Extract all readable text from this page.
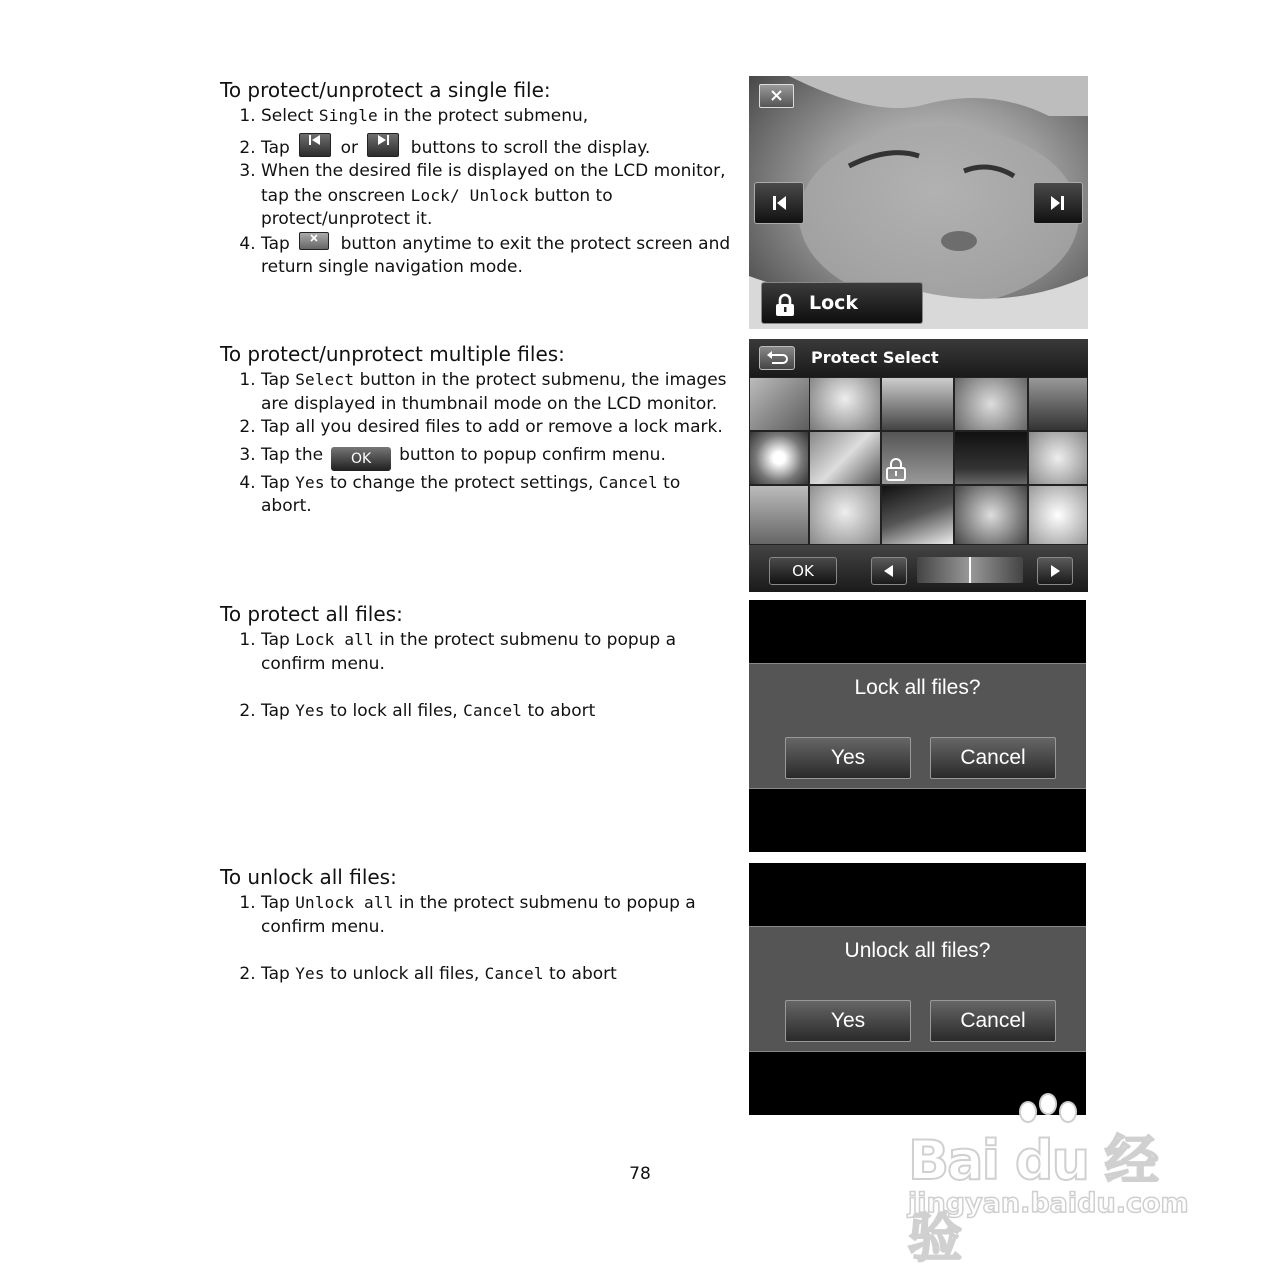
To protect/unprotect a single file:
1. Select Single in the protect submenu,
2. Tap	or	buttons to scroll the display.
3. When the desired file is displayed on the LCD monitor, tap the onscreen Lock/ Unlock button to protect/unprotect it.
4. Tap	button anytime to exit the protect screen and return single navigation mode.
To protect/unprotect multiple files:
1. Tap Select button in the protect submenu, the images are displayed in thumbnail mode on the LCD monitor.
2. Tap all you desired files to add or remove a lock mark.
3. Tap the OK button to popup confirm menu.
4. Tap Yes to change the protect settings, Cancel to abort.
To protect all files:
1. Tap Lock all in the protect submenu to popup a confirm menu.
2. Tap Yes to lock all files, Cancel to abort
To unlock all files:
1. Tap Unlock all in the protect submenu to popup a confirm menu.
2. Tap Yes to unlock all files, Cancel to abort
Lock
Protect Select
OK
Lock all files?
Yes	Cancel
Unlock all files?
Yes	Cancel
78	Bai du 经验
jingyan.baidu.com
